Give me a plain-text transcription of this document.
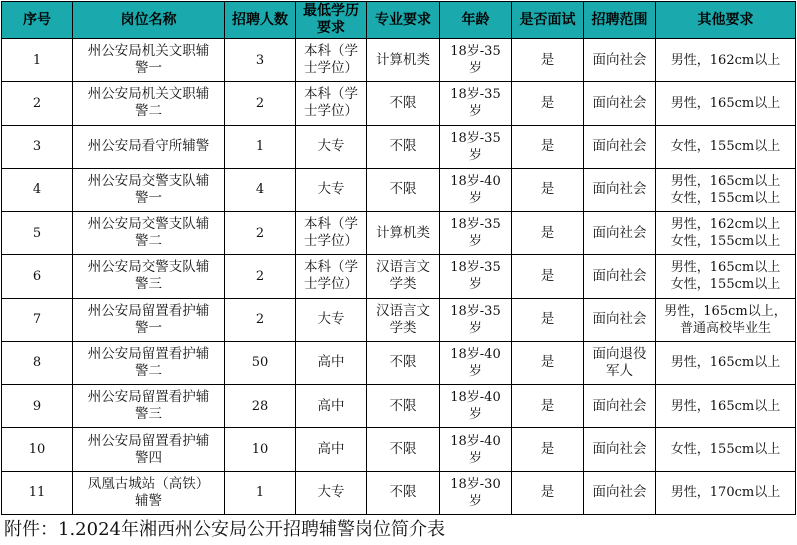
序号	岗位名称	招聘人数	最低学历要求	专业要求	年龄	是否面试	招聘范围	其他要求
1	州公安局机关文职辅
警一	3	本科（学
士学位）	计算机类	18岁-35
岁	是	面向社会	男性，162cm以上

2	州公安局机关文职辅
警二	2	本科（学
士学位）	不限	18岁-35
岁	是	面向社会	男性，165cm以上

3	州公安局看守所辅警	1	大专	不限	18岁-35
岁	是	面向社会	女性，155cm以上

4	州公安局交警支队辅
警一	4	大专	不限	18岁-40
岁	是	面向社会	男性，165cm以上
女性，155cm以上

5	州公安局交警支队辅
警二	2	本科（学
士学位）	计算机类	18岁-35
岁	是	面向社会	男性，162cm以上
女性，155cm以上

6	州公安局交警支队辅
警三	2	本科（学
士学位）	汉语言文
学类	18岁-35
岁	是	面向社会	男性，165cm以上
女性，155cm以上

7	州公安局留置看护辅
警一	2	大专	汉语言文
学类	18岁-35
岁	是	面向社会	男性，165cm以上，
普通高校毕业生

8	州公安局留置看护辅
警二	50	高中	不限	18岁-40
岁	是	面向退役
军人	男性，165cm以上

9	州公安局留置看护辅
警三	28	高中	不限	18岁-40
岁	是	面向社会	男性，165cm以上

10	州公安局留置看护辅
警四	10	高中	不限	18岁-40
岁	是	面向社会	女性，155cm以上

11	凤凰古城站（高铁）
辅警	1	大专	不限	18岁-30
岁	是	面向社会	男性，170cm以上
附件：1.2024年湘西州公安局公开招聘辅警岗位简介表
